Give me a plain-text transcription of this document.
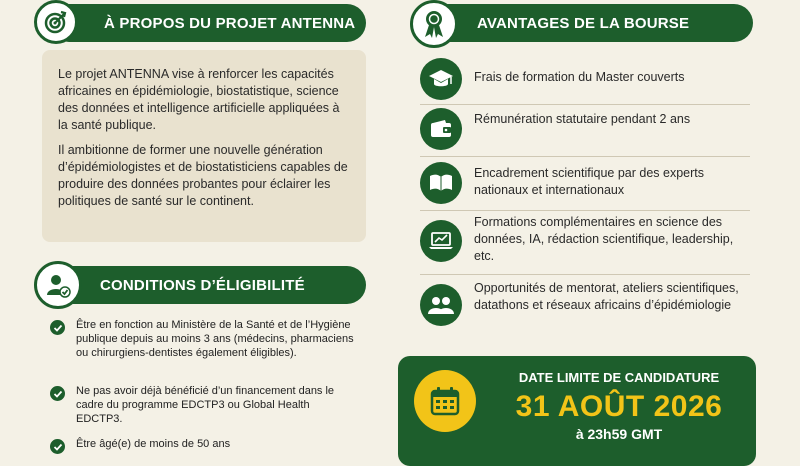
À PROPOS DU PROJET ANTENNA

Le projet ANTENNA vise à renforcer les capacités africaines en épidémiologie, biostatistique, science des données et intelligence artificielle appliquées à la santé publique.

Il ambitionne de former une nouvelle génération d’épidémiologistes et de biostatisticiens capables de produire des données probantes pour éclairer les politiques de santé sur le continent.

CONDITIONS D’ÉLIGIBILITÉ
Être en fonction au Ministère de la Santé et de l’Hygiène publique depuis au moins 3 ans (médecins, pharmaciens ou chirurgiens-dentistes également éligibles).
Ne pas avoir déjà bénéficié d’un financement dans le cadre du programme EDCTP3 ou Global Health EDCTP3.
Être âgé(e) de moins de 50 ans
AVANTAGES DE LA BOURSE
Frais de formation du Master couverts
Rémunération statutaire pendant 2 ans
Encadrement scientifique par des experts nationaux et internationaux
Formations complémentaires en science des données, IA, rédaction scientifique, leadership, etc.
Opportunités de mentorat, ateliers scientifiques, datathons et réseaux africains d’épidémiologie
DATE LIMITE DE CANDIDATURE
31 AOÛT 2026
à 23h59 GMT
